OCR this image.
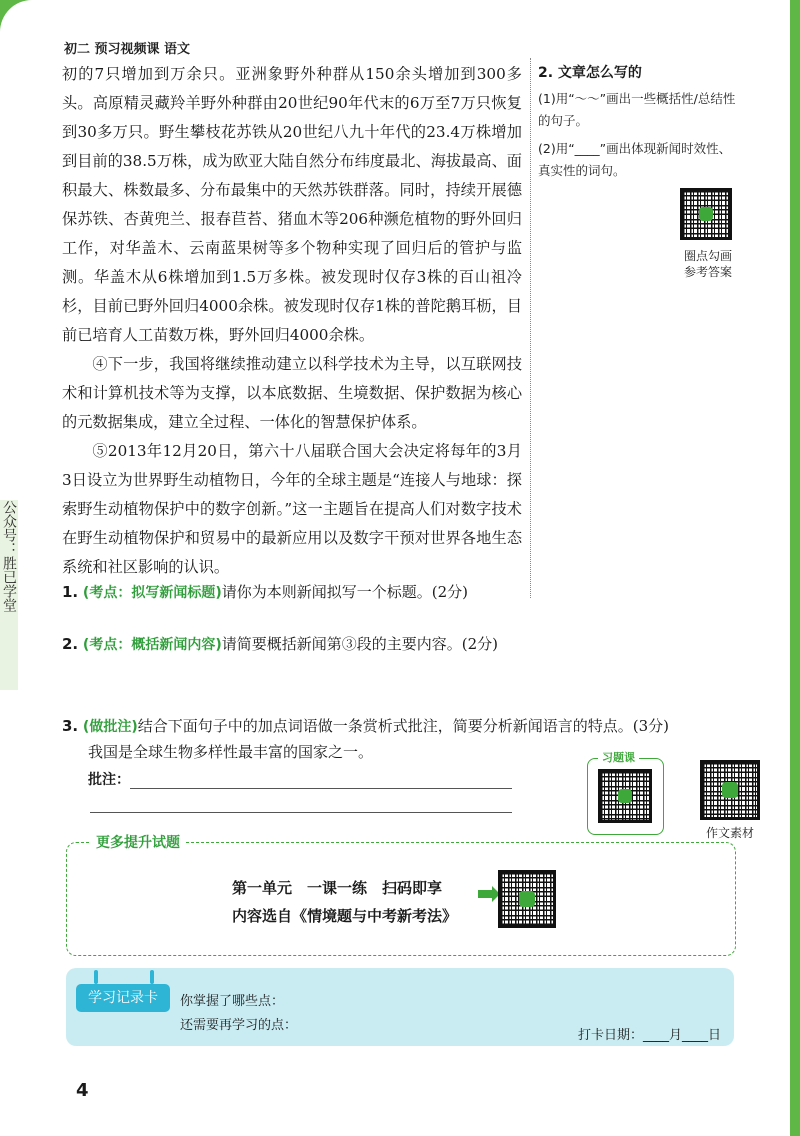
公众号：胜已学堂
初二 预习视频课 语文

初的7只增加到万余只。亚洲象野外种群从150余头增加到300多头。高原精灵藏羚羊野外种群由20世纪90年代末的6万至7万只恢复到30多万只。野生攀枝花苏铁从20世纪八九十年代的23.4万株增加到目前的38.5万株，成为欧亚大陆自然分布纬度最北、海拔最高、面积最大、株数最多、分布最集中的天然苏铁群落。同时，持续开展德保苏铁、杏黄兜兰、报春苣苔、猪血木等206种濒危植物的野外回归工作，对华盖木、云南蓝果树等多个物种实现了回归后的管护与监测。华盖木从6株增加到1.5万多株。被发现时仅存3株的百山祖冷杉，目前已野外回归4000余株。被发现时仅存1株的普陀鹅耳枥，目前已培育人工苗数万株，野外回归4000余株。

④下一步，我国将继续推动建立以科学技术为主导，以互联网技术和计算机技术等为支撑，以本底数据、生境数据、保护数据为核心的元数据集成，建立全过程、一体化的智慧保护体系。

⑤2013年12月20日，第六十八届联合国大会决定将每年的3月3日设立为世界野生动植物日，今年的全球主题是“连接人与地球：探索野生动植物保护中的数字创新。”这一主题旨在提高人们对数字技术在野生动植物保护和贸易中的最新应用以及数字干预对世界各地生态系统和社区影响的认识。

2. 文章怎么写的
(1)用“～～”画出一些概括性/总结性的句子。
(2)用“____”画出体现新闻时效性、真实性的词句。
圈点勾画
参考答案
1. (考点：拟写新闻标题)请你为本则新闻拟写一个标题。(2分)
2. (考点：概括新闻内容)请简要概括新闻第③段的主要内容。(2分)
3. (做批注)结合下面句子中的加点词语做一条赏析式批注，简要分析新闻语言的特点。(3分)
我国是全球生物多样性最丰富的国家之一。
批注：
习题课
作文素材
更多提升试题
第一单元　一课一练　扫码即享
内容选自《情境题与中考新考法》
学习记录卡	你掌握了哪些点：
还需要再学习的点：
打卡日期：____月____日
4
